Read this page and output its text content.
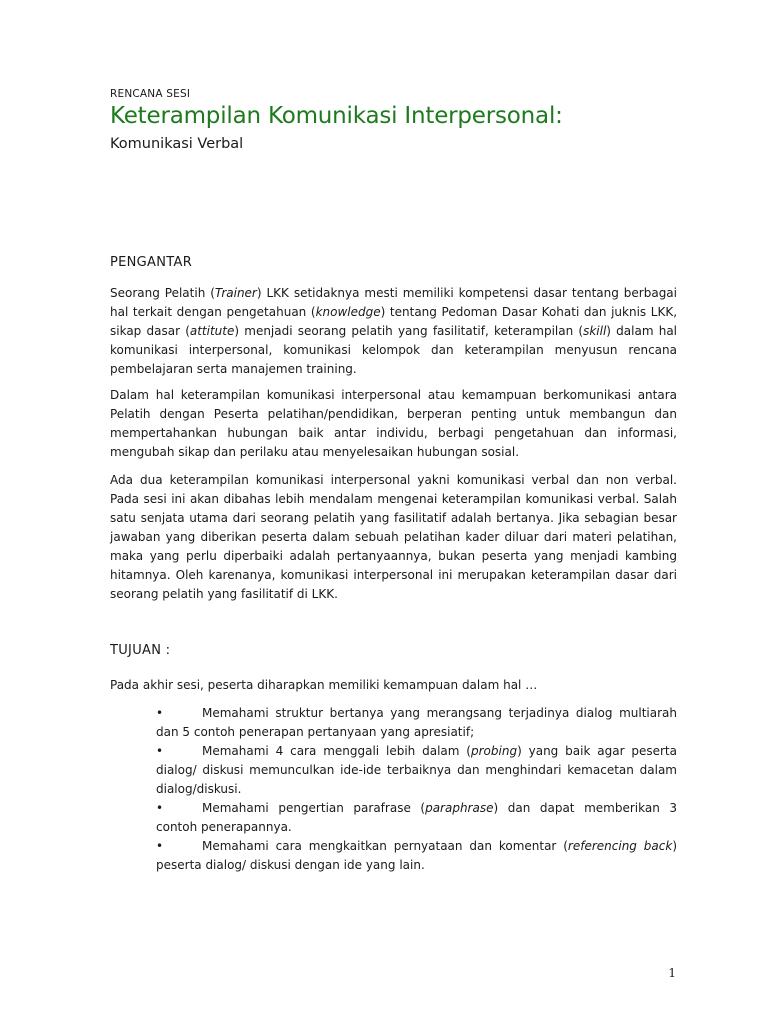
RENCANA SESI

Keterampilan Komunikasi Interpersonal:
Komunikasi Verbal
PENGANTAR

Seorang Pelatih (Trainer) LKK setidaknya mesti memiliki kompetensi dasar tentang berbagai hal terkait dengan pengetahuan (knowledge) tentang Pedoman Dasar Kohati dan juknis LKK, sikap dasar (attitute) menjadi seorang pelatih yang fasilitatif, keterampilan (skill) dalam hal komunikasi interpersonal, komunikasi kelompok dan keterampilan menyusun rencana pembelajaran serta manajemen training.

Dalam hal keterampilan komunikasi interpersonal atau kemampuan berkomunikasi antara Pelatih dengan Peserta pelatihan/pendidikan, berperan penting untuk membangun dan mempertahankan hubungan baik antar individu, berbagi pengetahuan dan informasi, mengubah sikap dan perilaku atau menyelesaikan hubungan sosial.

Ada dua keterampilan komunikasi interpersonal yakni komunikasi verbal dan non verbal. Pada sesi ini akan dibahas lebih mendalam mengenai keterampilan komunikasi verbal. Salah satu senjata utama dari seorang pelatih yang fasilitatif adalah bertanya. Jika sebagian besar jawaban yang diberikan peserta dalam sebuah pelatihan kader diluar dari materi pelatihan, maka yang perlu diperbaiki adalah pertanyaannya, bukan peserta yang menjadi kambing hitamnya. Oleh karenanya, komunikasi interpersonal ini merupakan keterampilan dasar dari seorang pelatih yang fasilitatif di LKK.

TUJUAN :

Pada akhir sesi, peserta diharapkan memiliki kemampuan dalam hal …

•	Memahami struktur bertanya yang merangsang terjadinya dialog multiarah dan 5 contoh penerapan pertanyaan yang apresiatif;
•	Memahami 4 cara menggali lebih dalam (probing) yang baik agar peserta dialog/ diskusi memunculkan ide-ide terbaiknya dan menghindari kemacetan dalam dialog/diskusi.
•	Memahami pengertian parafrase (paraphrase) dan dapat memberikan 3 contoh penerapannya.
•	Memahami cara mengkaitkan pernyataan dan komentar (referencing back) peserta dialog/ diskusi dengan ide yang lain.
1
